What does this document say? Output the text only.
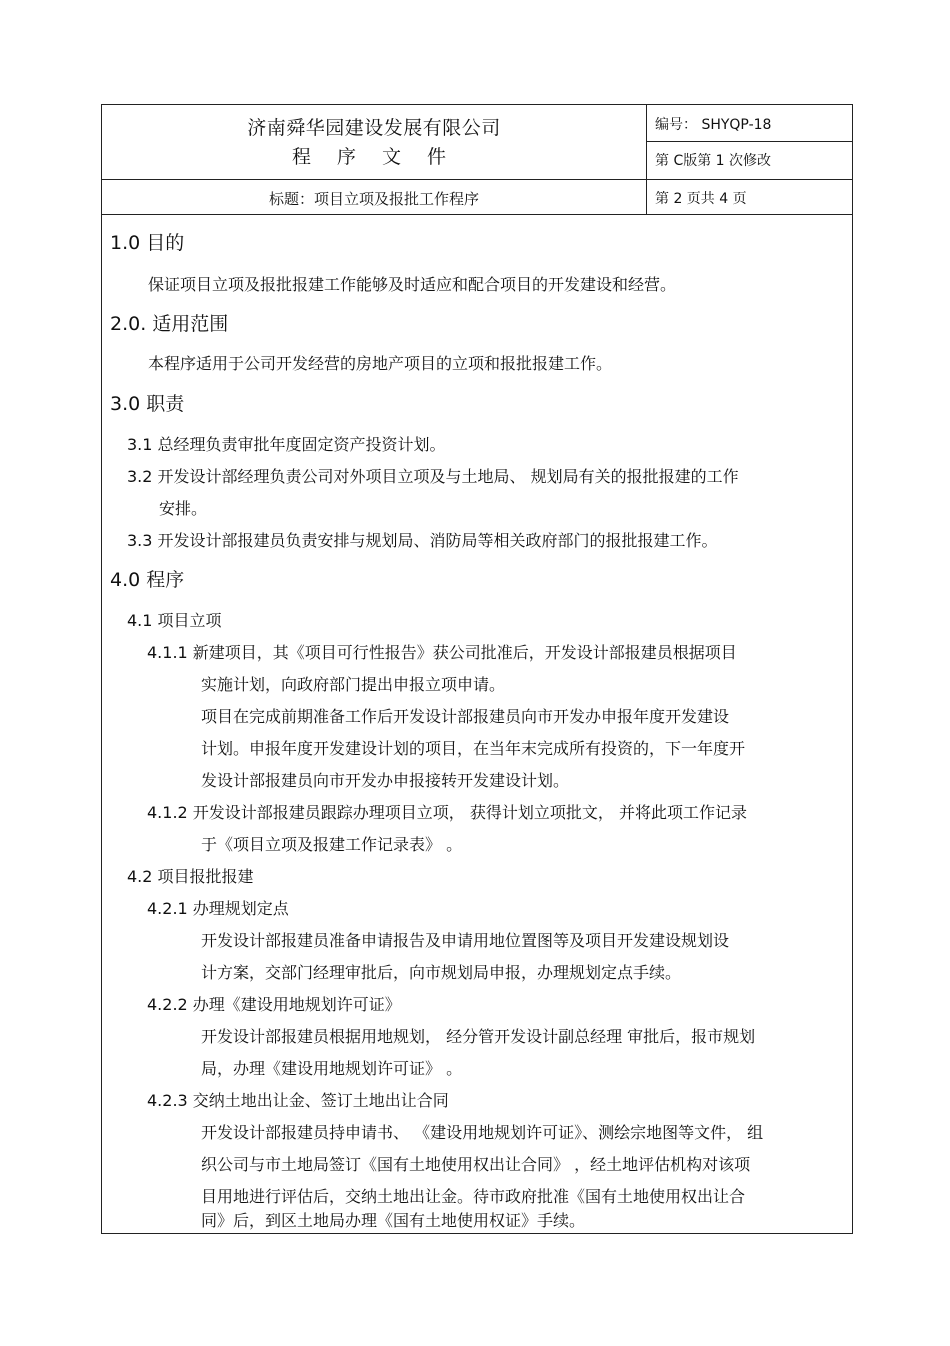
济南舜华园建设发展有限公司
程 序 文 件
编号： SHYQP-18
第 C版第 1 次修改
标题：项目立项及报批工作程序	第 2 页共 4 页
1.0 目的
保证项目立项及报批报建工作能够及时适应和配合项目的开发建设和经营。
2.0. 适用范围
本程序适用于公司开发经营的房地产项目的立项和报批报建工作。
3.0 职责
3.1 总经理负责审批年度固定资产投资计划。
3.2 开发设计部经理负责公司对外项目立项及与土地局、 规划局有关的报批报建的工作
安排。
3.3 开发设计部报建员负责安排与规划局、消防局等相关政府部门的报批报建工作。
4.0 程序
4.1 项目立项
4.1.1 新建项目，其《项目可行性报告》获公司批准后，开发设计部报建员根据项目
实施计划，向政府部门提出申报立项申请。
项目在完成前期准备工作后开发设计部报建员向市开发办申报年度开发建设
计划。申报年度开发建设计划的项目，在当年末完成所有投资的，下一年度开
发设计部报建员向市开发办申报接转开发建设计划。
4.1.2 开发设计部报建员跟踪办理项目立项， 获得计划立项批文， 并将此项工作记录
于《项目立项及报建工作记录表》 。
4.2 项目报批报建
4.2.1 办理规划定点
开发设计部报建员准备申请报告及申请用地位置图等及项目开发建设规划设
计方案，交部门经理审批后，向市规划局申报，办理规划定点手续。
4.2.2 办理《建设用地规划许可证》
开发设计部报建员根据用地规划， 经分管开发设计副总经理 审批后，报市规划
局，办理《建设用地规划许可证》 。
4.2.3 交纳土地出让金、签订土地出让合同
开发设计部报建员持申请书、 《建设用地规划许可证》、测绘宗地图等文件， 组
织公司与市土地局签订《国有土地使用权出让合同》 ，经土地评估机构对该项
目用地进行评估后，交纳土地出让金。待市政府批准《国有土地使用权出让合
同》后，到区土地局办理《国有土地使用权证》手续。
